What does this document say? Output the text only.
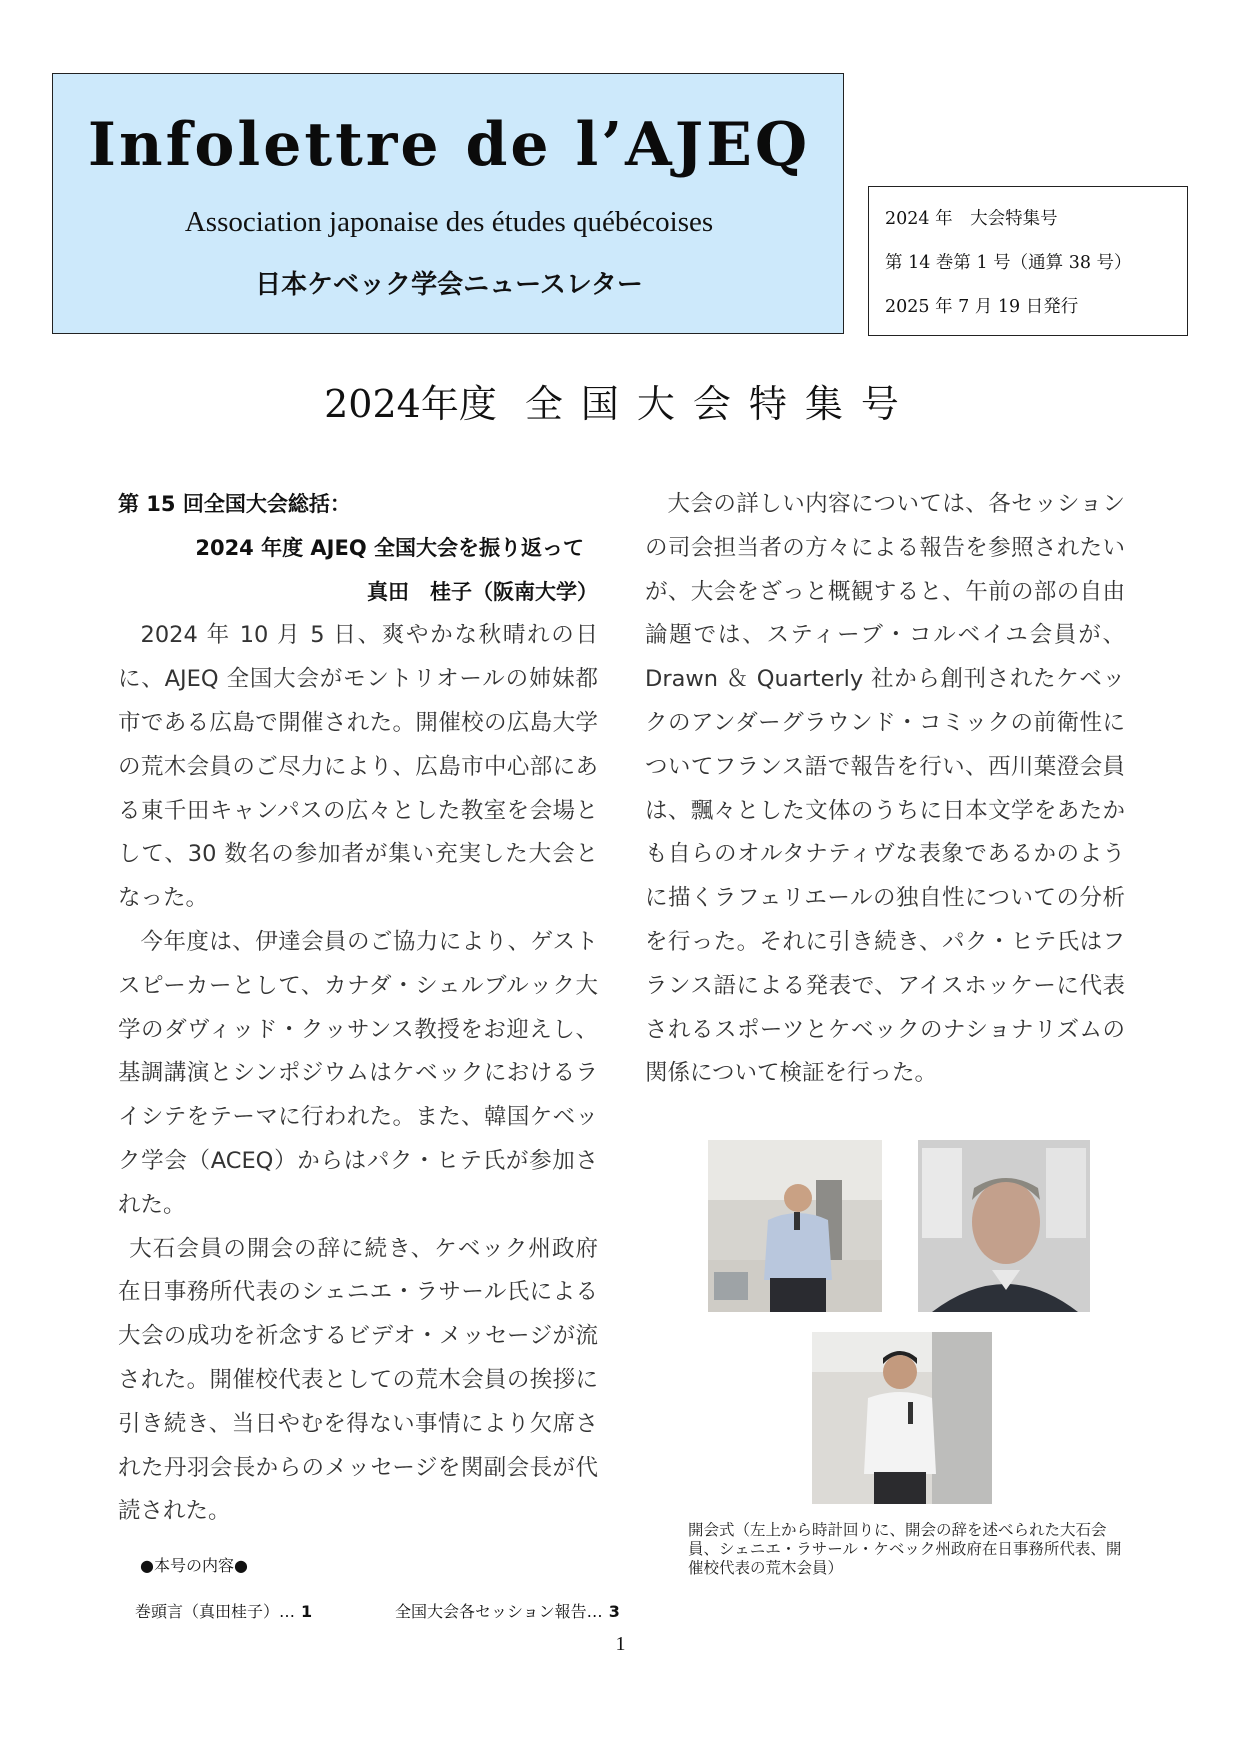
Infolettre de l’AJEQ
Association japonaise des études québécoises
日本ケベック学会ニュースレター
2024 年　大会特集号
第 14 巻第 1 号（通算 38 号）
2025 年 7 月 19 日発行
2024年度 全国大会特集号
第 15 回全国大会総括：
2024 年度 AJEQ 全国大会を振り返って
真田　桂子（阪南大学）

2024 年 10 月 5 日、爽やかな秋晴れの日に、AJEQ 全国大会がモントリオールの姉妹都市である広島で開催された。開催校の広島大学の荒木会員のご尽力により、広島市中心部にある東千田キャンパスの広々とした教室を会場として、30 数名の参加者が集い充実した大会となった。

今年度は、伊達会員のご協力により、ゲストスピーカーとして、カナダ・シェルブルック大学のダヴィッド・クッサンス教授をお迎えし、基調講演とシンポジウムはケベックにおけるライシテをテーマに行われた。また、韓国ケベック学会（ACEQ）からはパク・ヒテ氏が参加された。

大石会員の開会の辞に続き、ケベック州政府在日事務所代表のシェニエ・ラサール氏による大会の成功を祈念するビデオ・メッセージが流された。開催校代表としての荒木会員の挨拶に引き続き、当日やむを得ない事情により欠席された丹羽会長からのメッセージを関副会長が代読された。

大会の詳しい内容については、各セッションの司会担当者の方々による報告を参照されたいが、大会をざっと概観すると、午前の部の自由論題では、スティーブ・コルベイユ会員が、Drawn ＆ Quarterly 社から創刊されたケベックのアンダーグラウンド・コミックの前衛性についてフランス語で報告を行い、西川葉澄会員は、飄々とした文体のうちに日本文学をあたかも自らのオルタナティヴな表象であるかのように描くラフェリエールの独自性についての分析を行った。それに引き続き、パク・ヒテ氏はフランス語による発表で、アイスホッケーに代表されるスポーツとケベックのナショナリズムの関係について検証を行った。

開会式（左上から時計回りに、開会の辞を述べられた大石会員、シェニエ・ラサール・ケベック州政府在日事務所代表、開催校代表の荒木会員）
●本号の内容●
巻頭言（真田桂子）… 1	全国大会各セッション報告… 3
1
